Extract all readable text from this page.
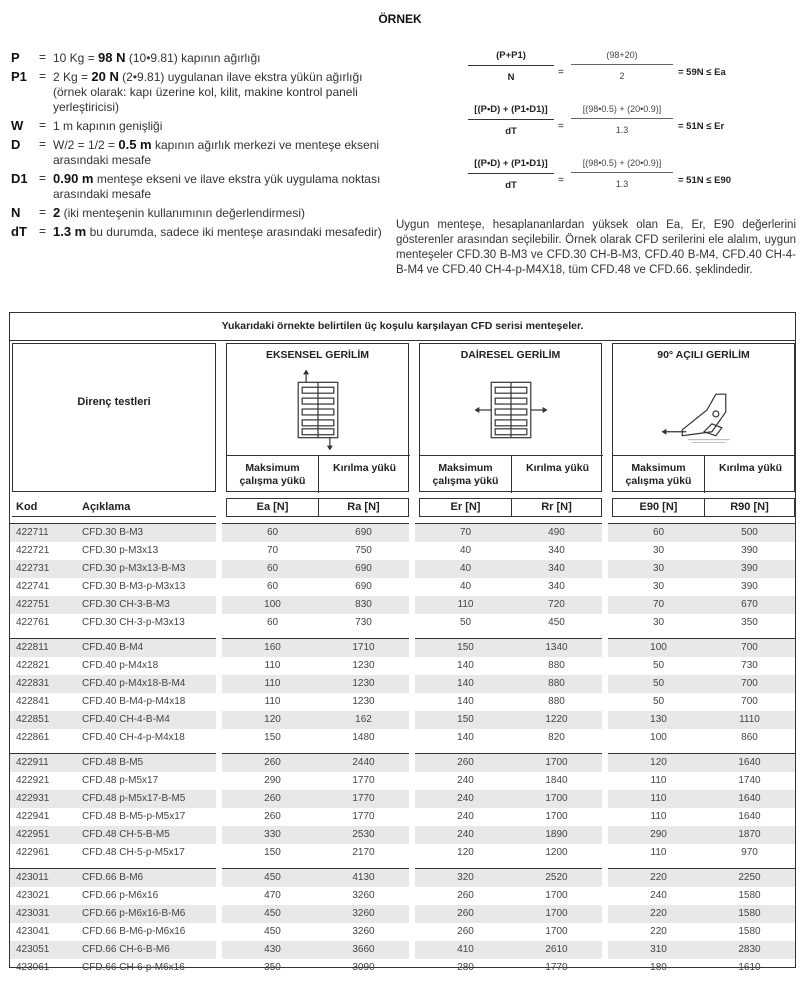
ÖRNEK
P	= 10 Kg = 98 N (10•9.81) kapının ağırlığı
P1	= 2 Kg = 20 N (2•9.81) uygulanan ilave ekstra yükün ağırlığı (örnek olarak: kapı üzerine kol, kilit, makine kontrol paneli yerleştiricisi)
W	= 1 m kapının genişliği
D	= W/2 = 1/2 = 0.5 m kapının ağırlık merkezi ve menteşe ekseni arasındaki mesafe
D1 = 0.90 m menteşe ekseni ve ilave ekstra yük uygulama noktası arasındaki mesafe
N	= 2 (iki menteşenin kullanımının değerlendirmesi)
dT	= 1.3 m bu durumda, sadece iki menteşe arasındaki mesafedir)
$\frac{(P+P1)}{N} = \frac{(98+20)}{2} = 59N \le Ea$
$\frac{[(P•D) + (P1•D1)]}{dT} = \frac{[(98•0.5) + (20•0.9)]}{1.3} = 51N \le Er$
$\frac{[(P•D) + (P1•D1)]}{dT} = \frac{[(98•0.5) + (20•0.9)]}{1.3} = 51N \le E90$
Uygun menteşe, hesaplananlardan yüksek olan Ea, Er, E90 değerlerini gösterenler arasından seçilebilir. Örnek olarak CFD serilerini ele alalım, uygun menteşeler CFD.30 B-M3 ve CFD.30 CH-B-M3, CFD.40 B-M4, CFD.40 CH-4-B-M4 ve CFD.40 CH-4-p-M4X18, tüm CFD.48 ve CFD.66. şeklindedir.
Yukarıdaki örnekte belirtilen üç koşulu karşılayan CFD serisi menteşeler.
Direnç testleri
EKSENSEL GERİLİM
Maksimum çalışma yükü
Kırılma yükü
DAİRESEL GERİLİM
Maksimum çalışma yükü
Kırılma yükü
90° AÇILI GERİLİM
Maksimum çalışma yükü
Kırılma yükü
Kod	Açıklama	Ea [N]	Ra [N]	Er [N]	Rr [N]	E90 [N]	R90 [N]
422711	CFD.30 B-M3	60	690	70	490	60	500
422721	CFD.30 p-M3x13	70	750	40	340	30	390
422731	CFD.30 p-M3x13-B-M3	60	690	40	340	30	390
422741	CFD.30 B-M3-p-M3x13	60	690	40	340	30	390
422751	CFD.30 CH-3-B-M3	100	830	110	720	70	670
422761	CFD.30 CH-3-p-M3x13	60	730	50	450	30	350
422811	CFD.40 B-M4	160	1710	150	1340	100	700
422821	CFD.40 p-M4x18	110	1230	140	880	50	730
422831	CFD.40 p-M4x18-B-M4	110	1230	140	880	50	700
422841	CFD.40 B-M4-p-M4x18	110	1230	140	880	50	700
422851	CFD.40 CH-4-B-M4	120	162	150	1220	130	1110
422861	CFD.40 CH-4-p-M4x18	150	1480	140	820	100	860
422911	CFD.48 B-M5	260	2440	260	1700	120	1640
422921	CFD.48 p-M5x17	290	1770	240	1840	110	1740
422931	CFD.48 p-M5x17-B-M5	260	1770	240	1700	110	1640
422941	CFD.48 B-M5-p-M5x17	260	1770	240	1700	110	1640
422951	CFD.48 CH-5-B-M5	330	2530	240	1890	290	1870
422961	CFD.48 CH-5-p-M5x17	150	2170	120	1200	110	970
423011	CFD.66 B-M6	450	4130	320	2520	220	2250
423021	CFD.66 p-M6x16	470	3260	260	1700	240	1580
423031	CFD.66 p-M6x16-B-M6	450	3260	260	1700	220	1580
423041	CFD.66 B-M6-p-M6x16	450	3260	260	1700	220	1580
423051	CFD.66 CH-6-B-M6	430	3660	410	2610	310	2830
423061	CFD.66 CH-6-p-M6x16	350	3090	280	1770	180	1610
